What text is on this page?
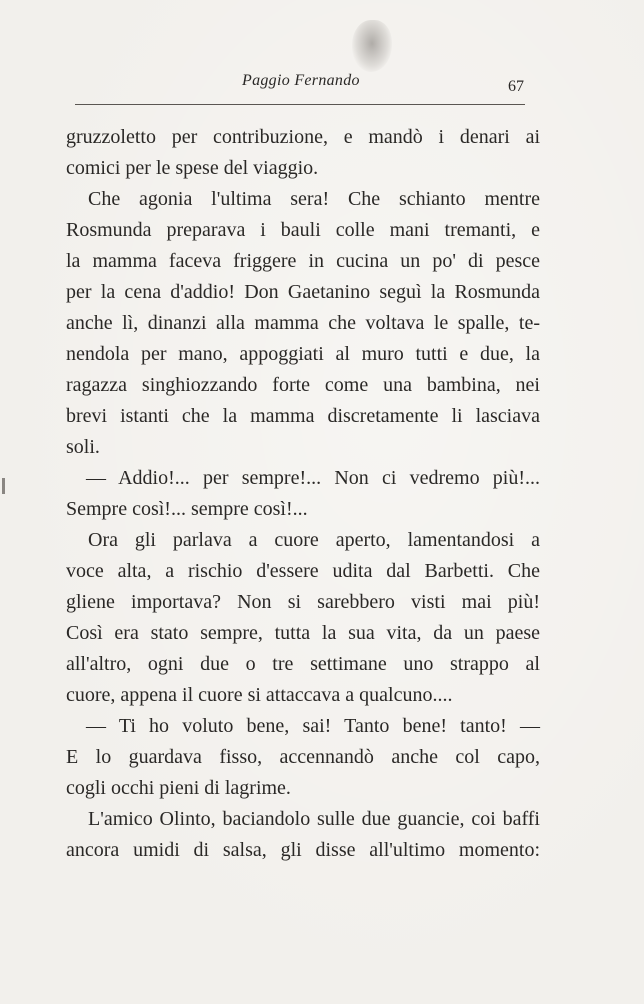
Paggio Fernando	67
gruzzoletto per contribuzione, e mandò i denari ai
comici per le spese del viaggio.
Che agonia l'ultima sera! Che schianto mentre
Rosmunda preparava i bauli colle mani tremanti, e
la mamma faceva friggere in cucina un po' di pesce
per la cena d'addio! Don Gaetanino seguì la Rosmunda
anche lì, dinanzi alla mamma che voltava le spalle, te-
nendola per mano, appoggiati al muro tutti e due, la
ragazza singhiozzando forte come una bambina, nei
brevi istanti che la mamma discretamente li lasciava
soli.
— Addio!... per sempre!... Non ci vedremo più!...
Sempre così!... sempre così!...
Ora gli parlava a cuore aperto, lamentandosi a
voce alta, a rischio d'essere udita dal Barbetti. Che
gliene importava? Non si sarebbero visti mai più!
Così era stato sempre, tutta la sua vita, da un paese
all'altro, ogni due o tre settimane uno strappo al
cuore, appena il cuore si attaccava a qualcuno....
— Ti ho voluto bene, sai! Tanto bene! tanto! —
E lo guardava fisso, accennandò anche col capo,
cogli occhi pieni di lagrime.
L'amico Olinto, baciandolo sulle due guancie, coi baffi
ancora umidi di salsa, gli disse all'ultimo momento:
